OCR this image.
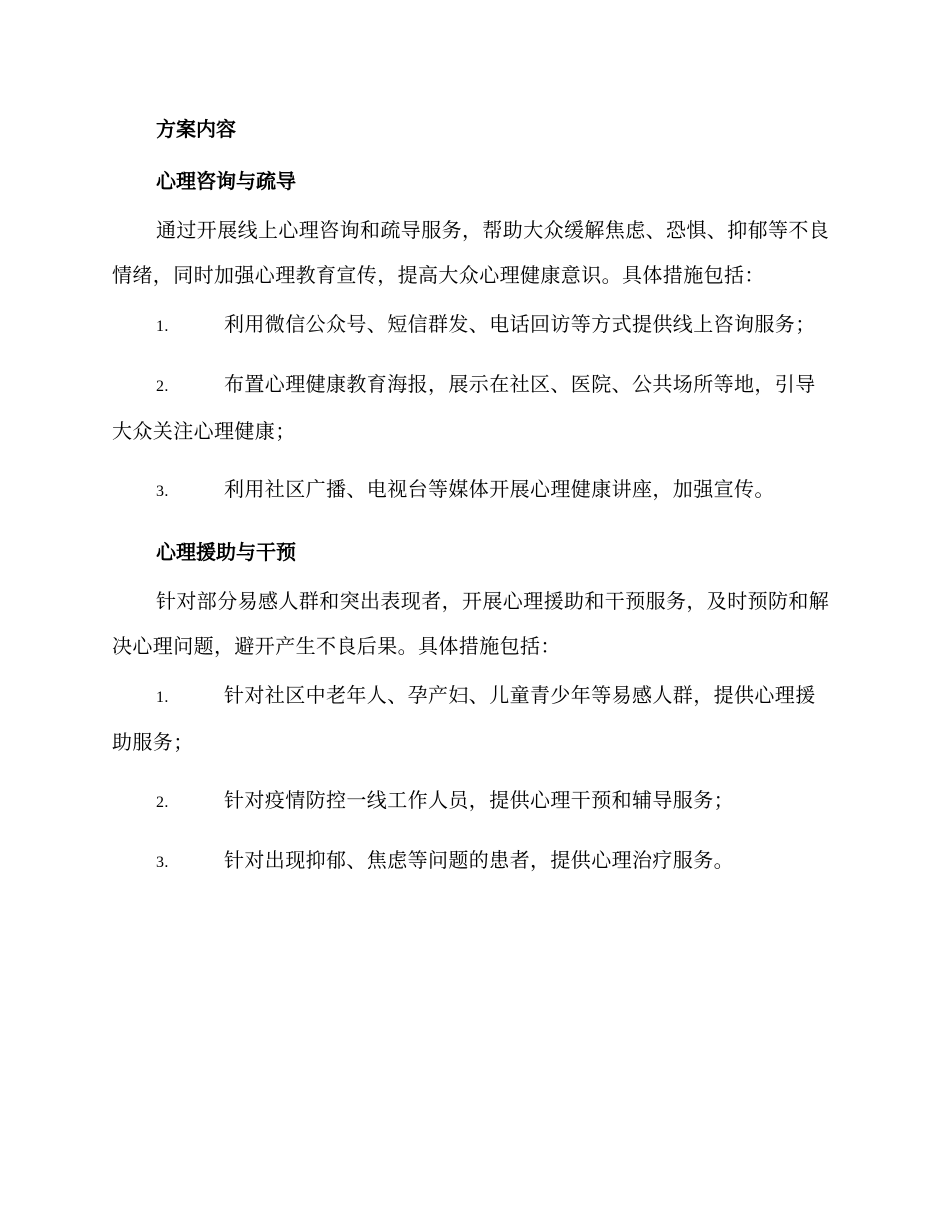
方案内容
心理咨询与疏导

通过开展线上心理咨询和疏导服务，帮助大众缓解焦虑、恐惧、抑郁等不良情绪，同时加强心理教育宣传，提高大众心理健康意识。具体措施包括：

1.	利用微信公众号、短信群发、电话回访等方式提供线上咨询服务；
2.	布置心理健康教育海报，展示在社区、医院、公共场所等地，引导大众关注心理健康；
3.	利用社区广播、电视台等媒体开展心理健康讲座，加强宣传。
心理援助与干预

针对部分易感人群和突出表现者，开展心理援助和干预服务，及时预防和解决心理问题，避开产生不良后果。具体措施包括：

1.	针对社区中老年人、孕产妇、儿童青少年等易感人群，提供心理援助服务；
2.	针对疫情防控一线工作人员，提供心理干预和辅导服务；
3.	针对出现抑郁、焦虑等问题的患者，提供心理治疗服务。
